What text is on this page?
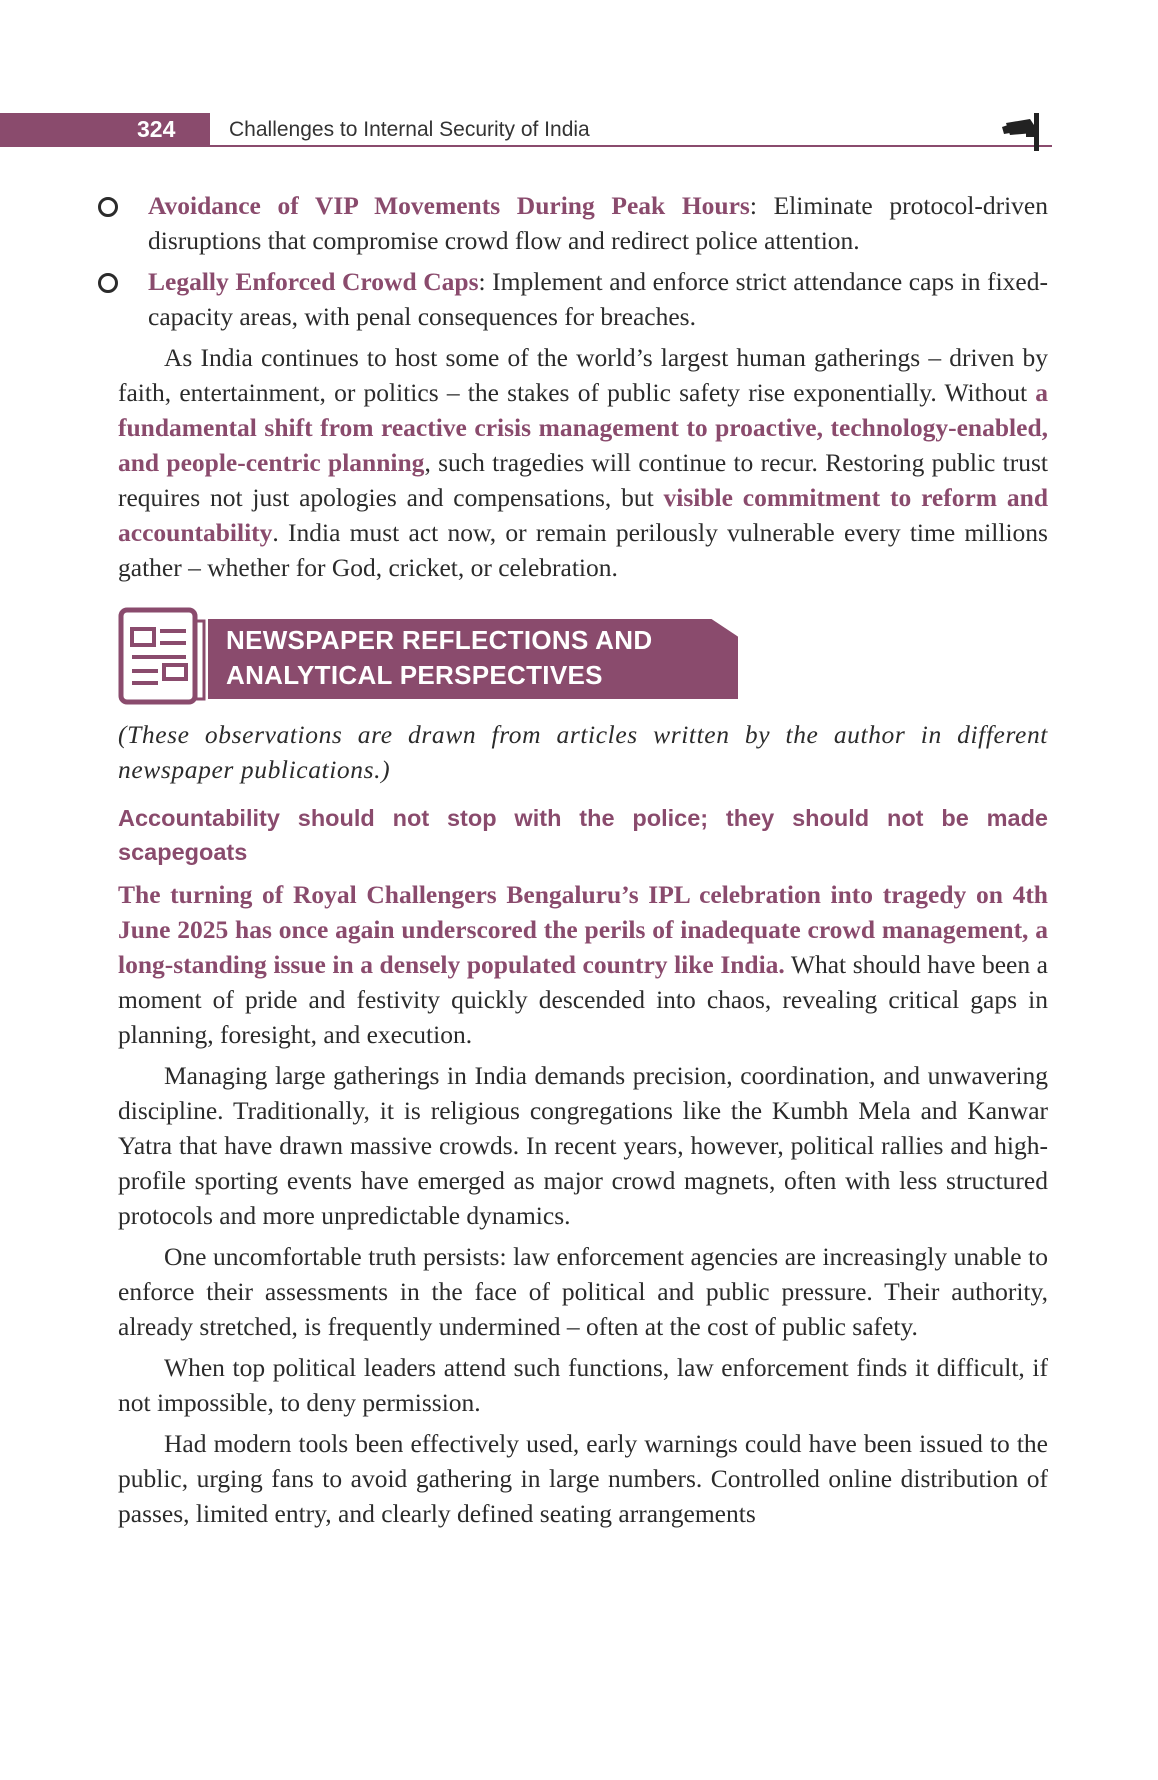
324	Challenges to Internal Security of India
Avoidance of VIP Movements During Peak Hours: Eliminate protocol-driven disruptions that compromise crowd flow and redirect police attention.
Legally Enforced Crowd Caps: Implement and enforce strict attendance caps in fixed-capacity areas, with penal consequences for breaches.

As India continues to host some of the world’s largest human gatherings – driven by faith, entertainment, or politics – the stakes of public safety rise exponentially. Without a fundamental shift from reactive crisis management to proactive, technology-enabled, and people-centric planning, such tragedies will continue to recur. Restoring public trust requires not just apologies and compensations, but visible commitment to reform and accountability. India must act now, or remain perilously vulnerable every time millions gather – whether for God, cricket, or celebration.

NEWSPAPER REFLECTIONS AND
ANALYTICAL PERSPECTIVES

(These observations are drawn from articles written by the author in different newspaper publications.)

Accountability should not stop with the police; they should not be made scapegoats

The turning of Royal Challengers Bengaluru’s IPL celebration into tragedy on 4th June 2025 has once again underscored the perils of inadequate crowd management, a long-standing issue in a densely populated country like India. What should have been a moment of pride and festivity quickly descended into chaos, revealing critical gaps in planning, foresight, and execution.

Managing large gatherings in India demands precision, coordination, and unwavering discipline. Traditionally, it is religious congregations like the Kumbh Mela and Kanwar Yatra that have drawn massive crowds. In recent years, however, political rallies and high-profile sporting events have emerged as major crowd magnets, often with less structured protocols and more unpredictable dynamics.

One uncomfortable truth persists: law enforcement agencies are increasingly unable to enforce their assessments in the face of political and public pressure. Their authority, already stretched, is frequently undermined – often at the cost of public safety.

When top political leaders attend such functions, law enforcement finds it difficult, if not impossible, to deny permission.

Had modern tools been effectively used, early warnings could have been issued to the public, urging fans to avoid gathering in large numbers. Controlled online distribution of passes, limited entry, and clearly defined seating arrangements
